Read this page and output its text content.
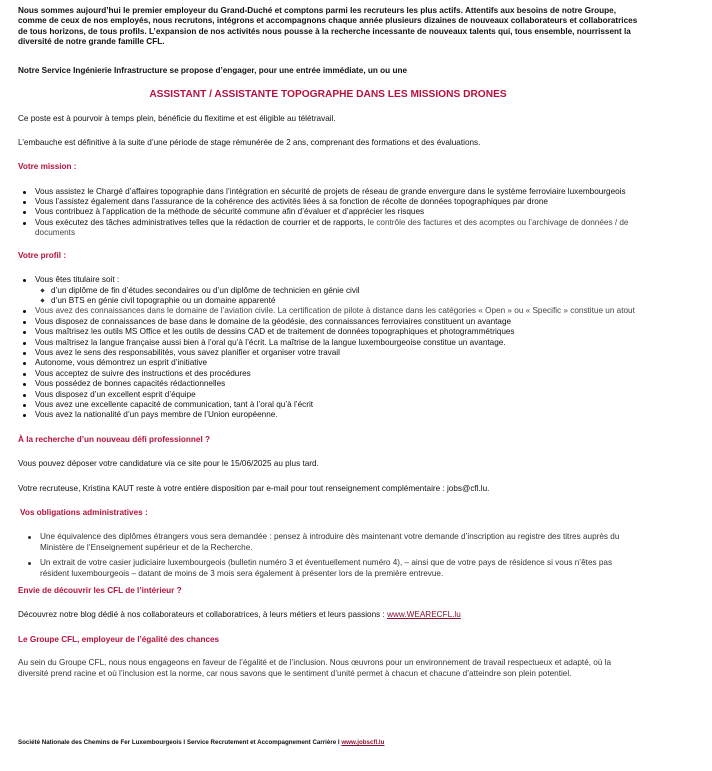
Nous sommes aujourd’hui le premier employeur du Grand-Duché et comptons parmi les recruteurs les plus actifs. Attentifs aux besoins de notre Groupe, comme de ceux de nos employés, nous recrutons, intégrons et accompagnons chaque année plusieurs dizaines de nouveaux collaborateurs et collaboratrices de tous horizons, de tous profils. L’expansion de nos activités nous pousse à la recherche incessante de nouveaux talents qui, tous ensemble, nourrissent la diversité de notre grande famille CFL.

Notre Service Ingénierie Infrastructure se propose d’engager, pour une entrée immédiate, un ou une

ASSISTANT / ASSISTANTE TOPOGRAPHE DANS LES MISSIONS DRONES

Ce poste est à pourvoir à temps plein, bénéficie du flexitime et est éligible au télétravail.

L’embauche est définitive à la suite d’une période de stage rémunérée de 2 ans, comprenant des formations et des évaluations.

Votre mission :
Vous assistez le Chargé d’affaires topographie dans l’intégration en sécurité de projets de réseau de grande envergure dans le système ferroviaire luxembourgeois
Vous l’assistez également dans l’assurance de la cohérence des activités liées à sa fonction de récolte de données topographiques par drone
Vous contribuez à l’application de la méthode de sécurité commune afin d’évaluer et d’apprécier les risques
Vous exécutez des tâches administratives telles que la rédaction de courrier et de rapports, le contrôle des factures et des acomptes ou l’archivage de données / de documents
Votre profil :
Vous êtes titulaire soit :
d’un diplôme de fin d’études secondaires ou d’un diplôme de technicien en génie civil
d’un BTS en génie civil topographie ou un domaine apparenté
Vous avez des connaissances dans le domaine de l’aviation civile. La certification de pilote à distance dans les catégories « Open » ou « Specific » constitue un atout
Vous disposez de connaissances de base dans le domaine de la géodésie, des connaissances ferroviaires constituent un avantage
Vous maîtrisez les outils MS Office et les outils de dessins CAD et de traitement de données topographiques et photogrammétriques
Vous maîtrisez la langue française aussi bien à l’oral qu’à l’écrit. La maîtrise de la langue luxembourgeoise constitue un avantage.
Vous avez le sens des responsabilités, vous savez planifier et organiser votre travail
Autonome, vous démontrez un esprit d’initiative
Vous acceptez de suivre des instructions et des procédures
Vous possédez de bonnes capacités rédactionnelles
Vous disposez d’un excellent esprit d’équipe
Vous avez une excellente capacité de communication, tant à l’oral qu’à l’écrit
Vous avez la nationalité d’un pays membre de l’Union européenne.
À la recherche d’un nouveau défi professionnel ?

Vous pouvez déposer votre candidature via ce site pour le 15/06/2025 au plus tard.

Votre recruteuse, Kristina KAUT reste à votre entière disposition par e-mail pour tout renseignement complémentaire : jobs@cfl.lu.

Vos obligations administratives :
Une équivalence des diplômes étrangers vous sera demandée : pensez à introduire dès maintenant votre demande d’inscription au registre des titres auprès du Ministère de l’Enseignement supérieur et de la Recherche.
Un extrait de votre casier judiciaire luxembourgeois (bulletin numéro 3 et éventuellement numéro 4), – ainsi que de votre pays de résidence si vous n’êtes pas résident luxembourgeois – datant de moins de 3 mois sera également à présenter lors de la première entrevue.
Envie de découvrir les CFL de l’intérieur ?

Découvrez notre blog dédié à nos collaborateurs et collaboratrices, à leurs métiers et leurs passions : www.WEARECFL.lu

Le Groupe CFL, employeur de l’égalité des chances

Au sein du Groupe CFL, nous nous engageons en faveur de l’égalité et de l’inclusion. Nous œuvrons pour un environnement de travail respectueux et adapté, où la diversité prend racine et où l’inclusion est la norme, car nous savons que le sentiment d’unité permet à chacun et chacune d’atteindre son plein potentiel.

Société Nationale des Chemins de Fer Luxembourgeois I Service Recrutement et Accompagnement Carrière I www.jobscfl.lu
